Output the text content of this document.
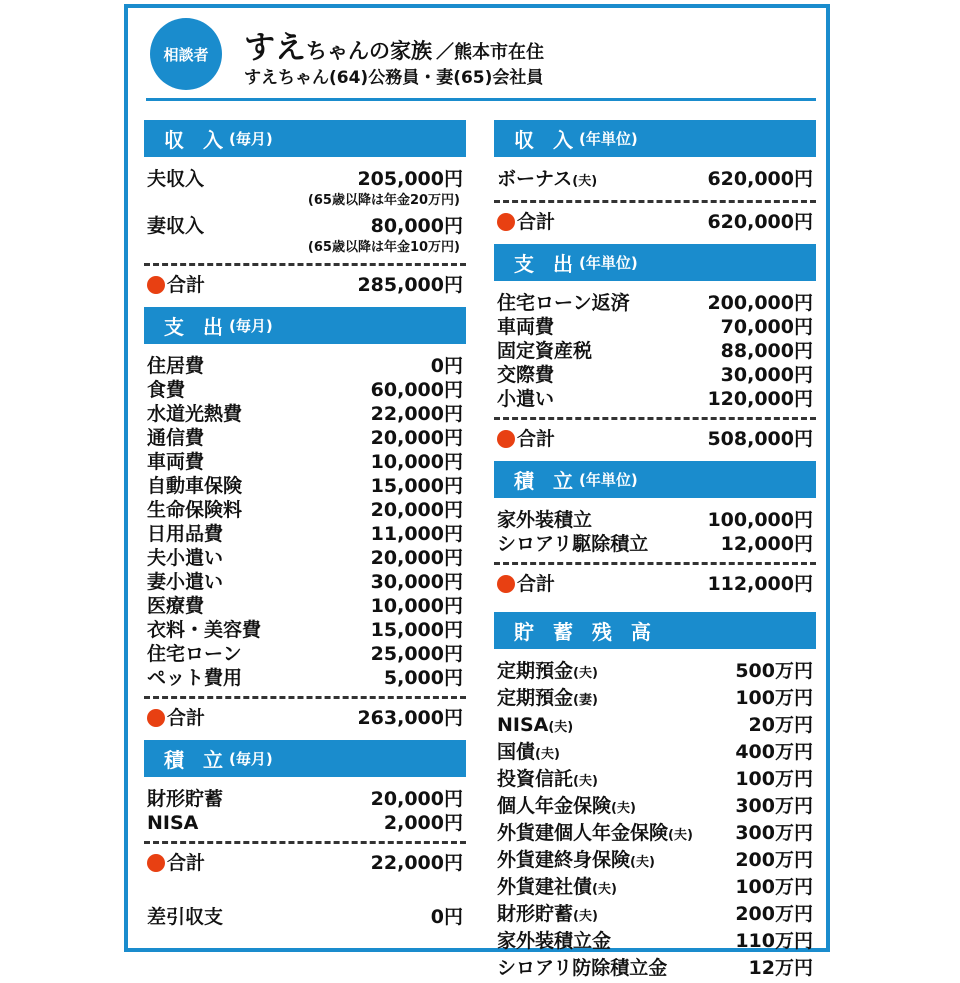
相談者	すえちゃんの家族 ／熊本市在住
すえちゃん(64)公務員・妻(65)会社員
収 入 (毎月)
夫収入	205,000円
(65歳以降は年金20万円)
妻収入	80,000円
(65歳以降は年金10万円)
合計	285,000円
支 出 (毎月)
住居費	0円
食費	60,000円
水道光熱費	22,000円
通信費	20,000円
車両費	10,000円
自動車保険	15,000円
生命保険料	20,000円
日用品費	11,000円
夫小遣い	20,000円
妻小遣い	30,000円
医療費	10,000円
衣料・美容費	15,000円
住宅ローン	25,000円
ペット費用	5,000円
合計	263,000円
積 立 (毎月)
財形貯蓄	20,000円
NISA	2,000円
合計	22,000円
差引収支	0円
収 入 (年単位)
ボーナス(夫)	620,000円
合計	620,000円
支 出 (年単位)
住宅ローン返済	200,000円
車両費	70,000円
固定資産税	88,000円
交際費	30,000円
小遣い	120,000円
合計	508,000円
積 立 (年単位)
家外装積立	100,000円
シロアリ駆除積立	12,000円
合計	112,000円
貯 蓄 残 高
定期預金(夫)	500万円
定期預金(妻)	100万円
NISA(夫)	20万円
国債(夫)	400万円
投資信託(夫)	100万円
個人年金保険(夫)	300万円
外貨建個人年金保険(夫) 300万円
外貨建終身保険(夫)	200万円
外貨建社債(夫)	100万円
財形貯蓄(夫)	200万円
家外装積立金	110万円
シロアリ防除積立金	12万円
